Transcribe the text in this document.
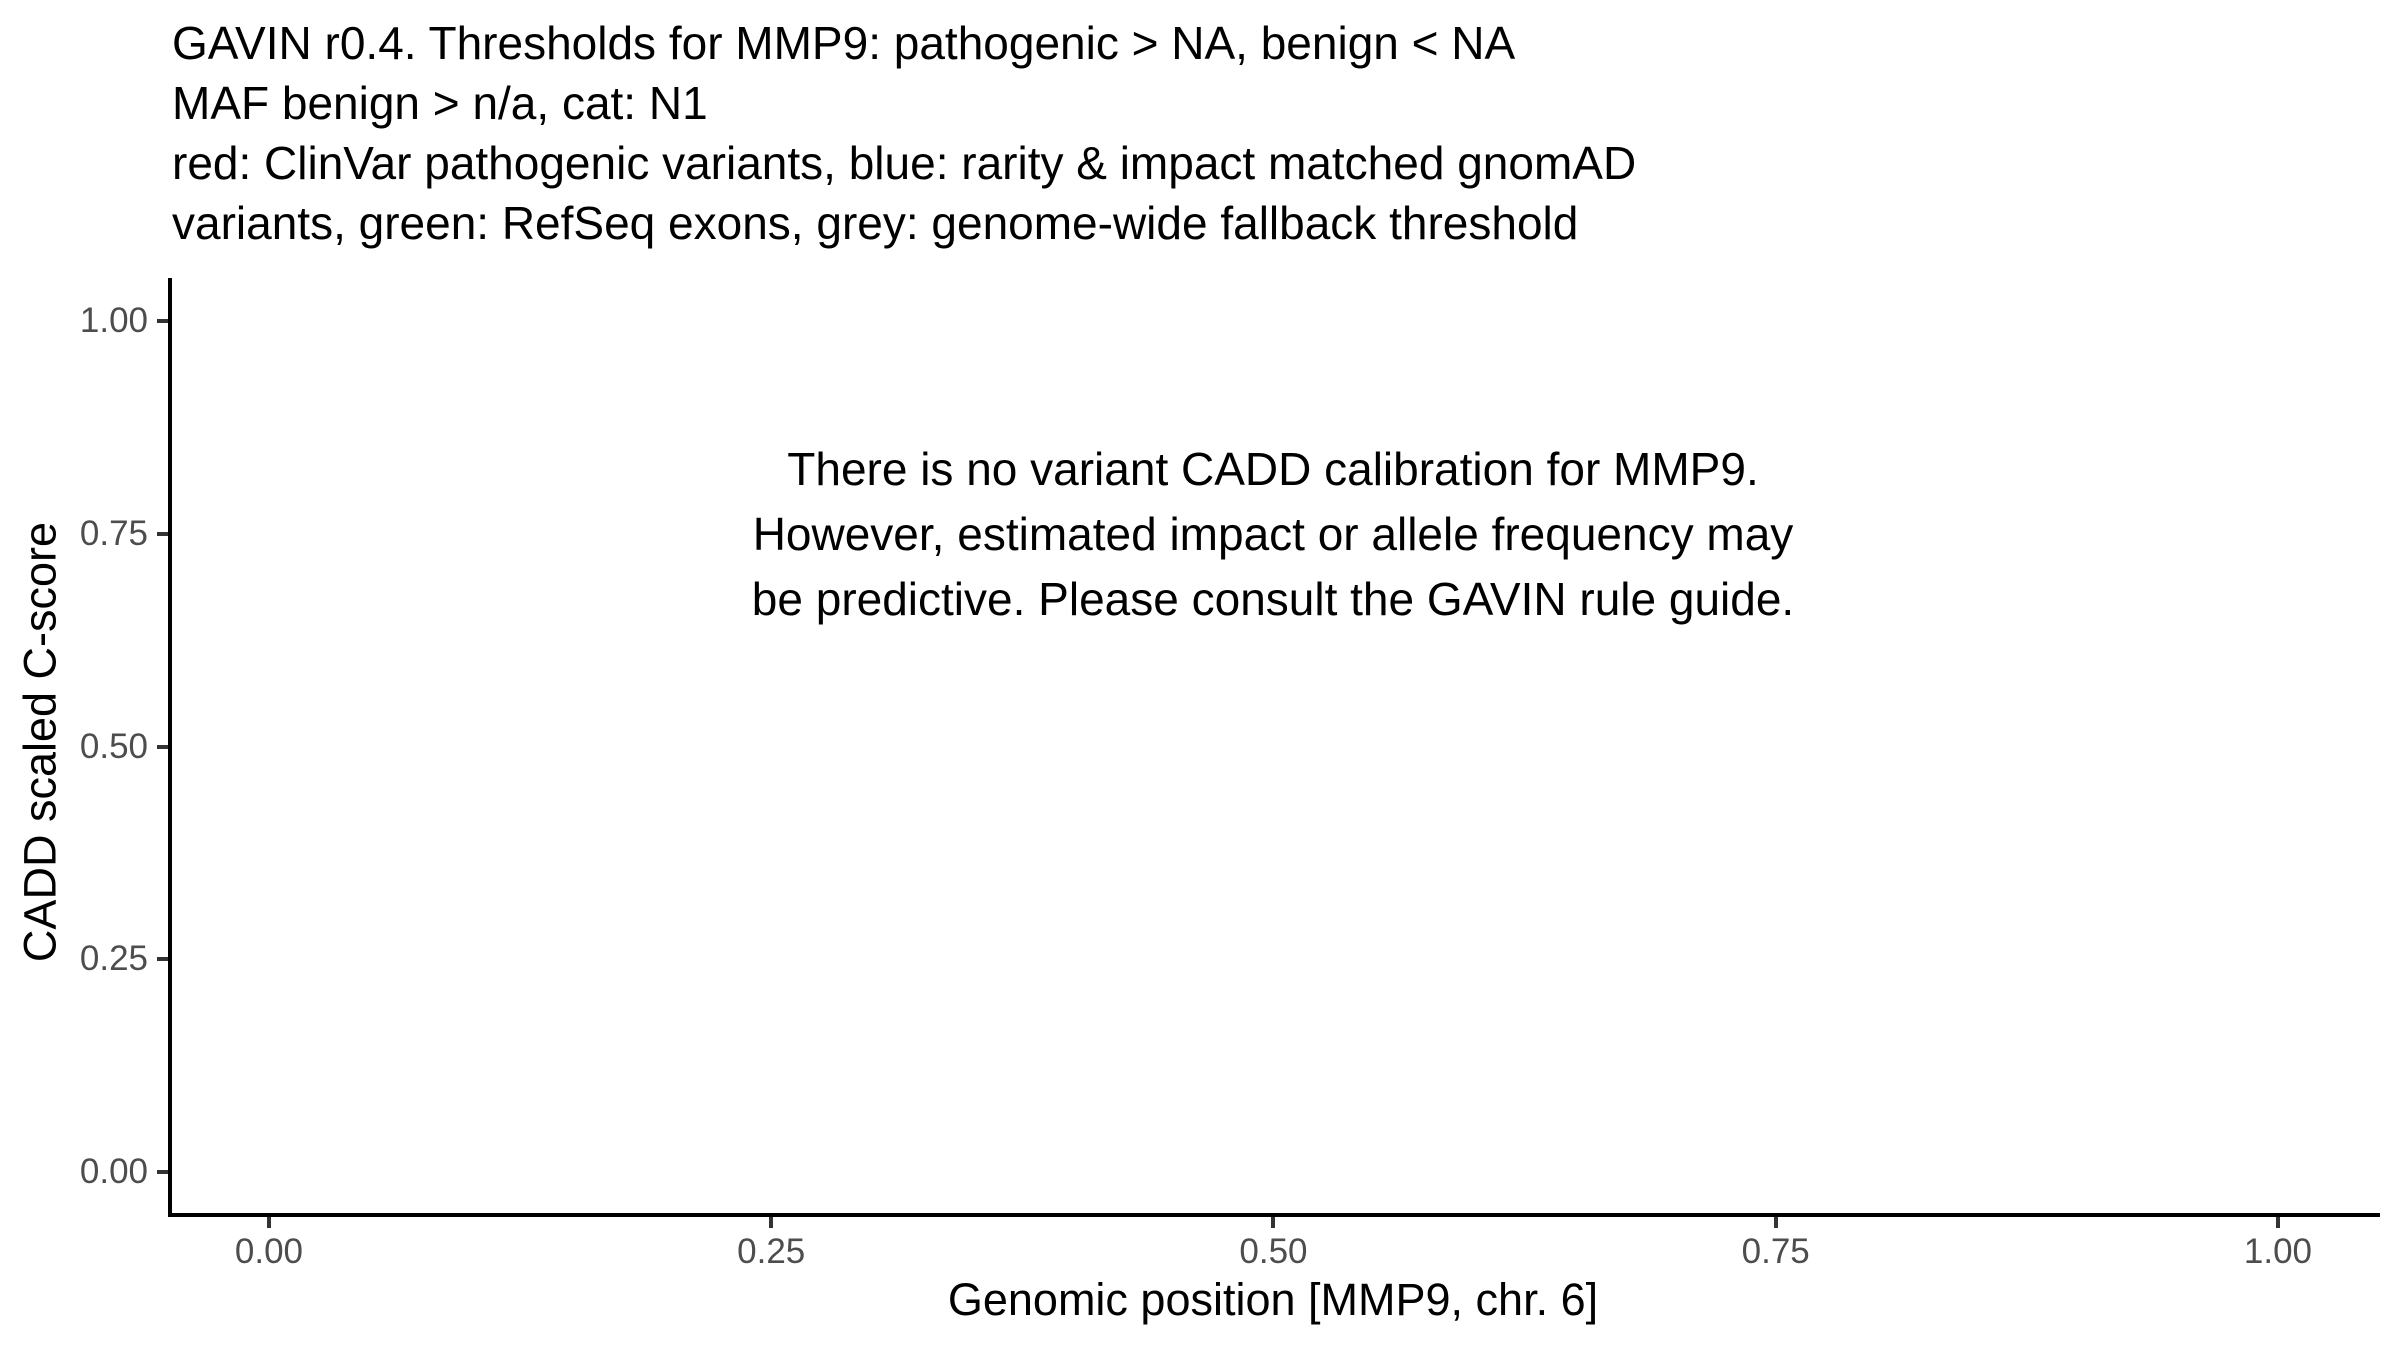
GAVIN r0.4. Thresholds for MMP9: pathogenic > NA, benign < NA
MAF benign > n/a, cat: N1
red: ClinVar pathogenic variants, blue: rarity & impact matched gnomAD
variants, green: RefSeq exons, grey: genome-wide fallback threshold
There is no variant CADD calibration for MMP9.
However, estimated impact or allele frequency may
be predictive. Please consult the GAVIN rule guide.
0.00	0.25	0.50	0.75	1.00
0.00
0.25
0.50
0.75
1.00
Genomic position [MMP9, chr. 6]
CADD scaled C-score
